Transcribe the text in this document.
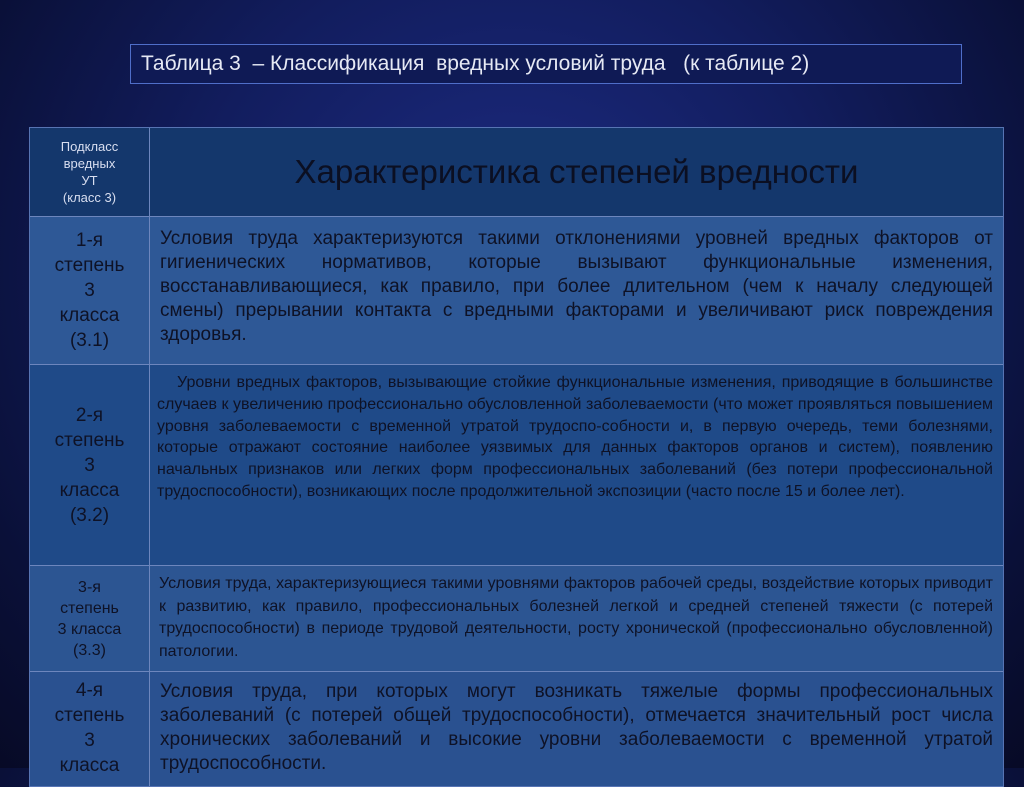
Таблица 3  – Классификация  вредных условий труда   (к таблице 2)
Подкласс
вредных
УТ
(класс 3)
Характеристика степеней вредности
1-я
степень
3
класса
(3.1)
Условия труда характеризуются такими отклонениями уровней вредных факторов от гигиенических нормативов, которые вызывают функциональные изменения, восстанавливающиеся, как правило, при более длительном (чем к началу следующей смены) прерывании контакта с вредными факторами и увеличивают риск повреждения здоровья.
2-я
степень
3
класса
(3.2)
Уровни вредных факторов, вызывающие стойкие функциональные изменения, приводящие в большинстве случаев к увеличению профессионально обусловленной заболеваемости (что может проявляться повышением уровня заболеваемости с временной утратой трудоспо-собности и, в первую очередь, теми болезнями, которые отражают состояние наиболее уязвимых для данных факторов органов и систем), появлению начальных признаков или легких форм профессиональных заболеваний (без потери профессиональной трудоспособности), возникающих после продолжительной экспозиции (часто после 15 и более лет).
3-я
степень
3 класса
(3.3)
Условия труда, характеризующиеся такими уровнями факторов рабочей среды, воздействие которых приводит к развитию, как правило, профессиональных болезней легкой и средней степеней тяжести (с потерей трудоспособности) в периоде трудовой деятельности, росту хронической (профессионально обусловленной) патологии.
4-я
степень
3
класса
Условия труда, при которых могут возникать тяжелые формы профессиональных заболеваний (с потерей общей трудоспособности), отмечается значительный рост числа хронических заболеваний и высокие уровни заболеваемости с временной утратой трудоспособности.
